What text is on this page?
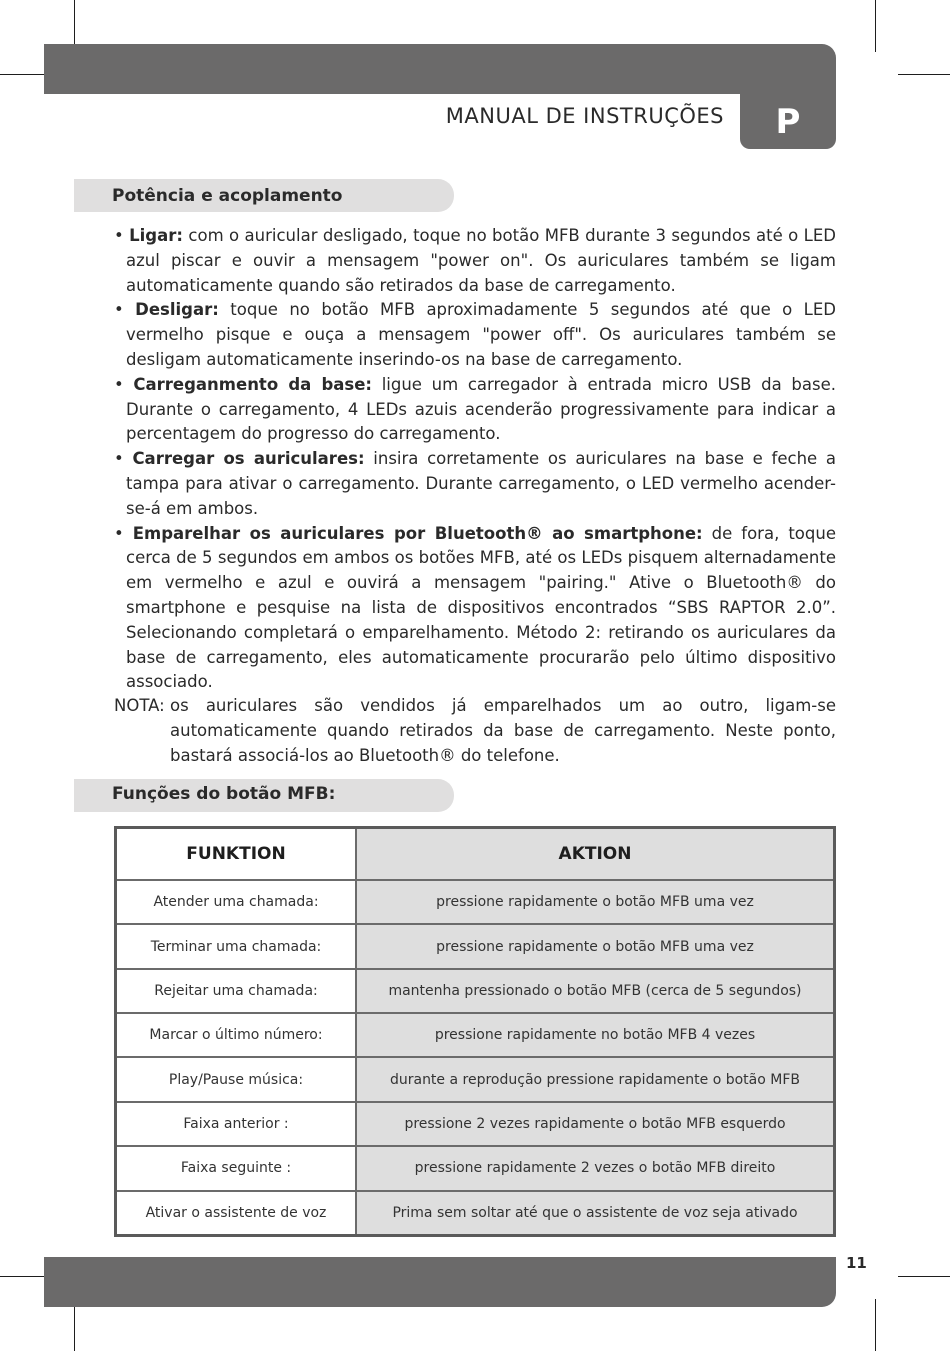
P
MANUAL DE INSTRUÇÕES
Potência e acoplamento
• Ligar: com o auricular desligado, toque no botão MFB durante 3 segundos até o LED azul piscar e ouvir a mensagem "power on". Os auriculares também se ligam automaticamente quando são retirados da base de carregamento.
• Desligar: toque no botão MFB aproximadamente 5 segundos até que o LED vermelho pisque e ouça a mensagem "power off". Os auriculares também se desligam automaticamente inserindo-os na base de carregamento.
• Carreganmento da base: ligue um carregador à entrada micro USB da base. Durante o carregamento, 4 LEDs azuis acenderão progressivamente para indicar a percentagem do progresso do carregamento.
• Carregar os auriculares: insira corretamente os auriculares na base e feche a tampa para ativar o carregamento. Durante carregamento, o LED vermelho acender-se-á em ambos.
• Emparelhar os auriculares por Bluetooth® ao smartphone: de fora, toque cerca de 5 segundos em ambos os botões MFB, até os LEDs pisquem alternadamente em vermelho e azul e ouvirá a mensagem "pairing." Ative o Bluetooth® do smartphone e pesquise na lista de dispositivos encontrados “SBS RAPTOR 2.0”. Selecionando completará o emparelhamento. Método 2: retirando os auriculares da base de carregamento, eles automaticamente procurarão pelo último dispositivo associado.
NOTA: os auriculares são vendidos já emparelhados um ao outro, ligam-se automaticamente quando retirados da base de carregamento. Neste ponto, bastará associá-los ao Bluetooth® do telefone.
Funções do botão MFB:
FUNKTION	AKTION
Atender uma chamada:	pressione rapidamente o botão MFB uma vez
Terminar uma chamada:	pressione rapidamente o botão MFB uma vez
Rejeitar uma chamada:	mantenha pressionado o botão MFB (cerca de 5 segundos)
Marcar o último número:	pressione rapidamente no botão MFB 4 vezes
Play/Pause música:	durante a reprodução pressione rapidamente o botão MFB
Faixa anterior :	pressione 2 vezes rapidamente o botão MFB esquerdo
Faixa seguinte :	pressione rapidamente 2 vezes o botão MFB direito
Ativar o assistente de voz	Prima sem soltar até que o assistente de voz seja ativado
11
